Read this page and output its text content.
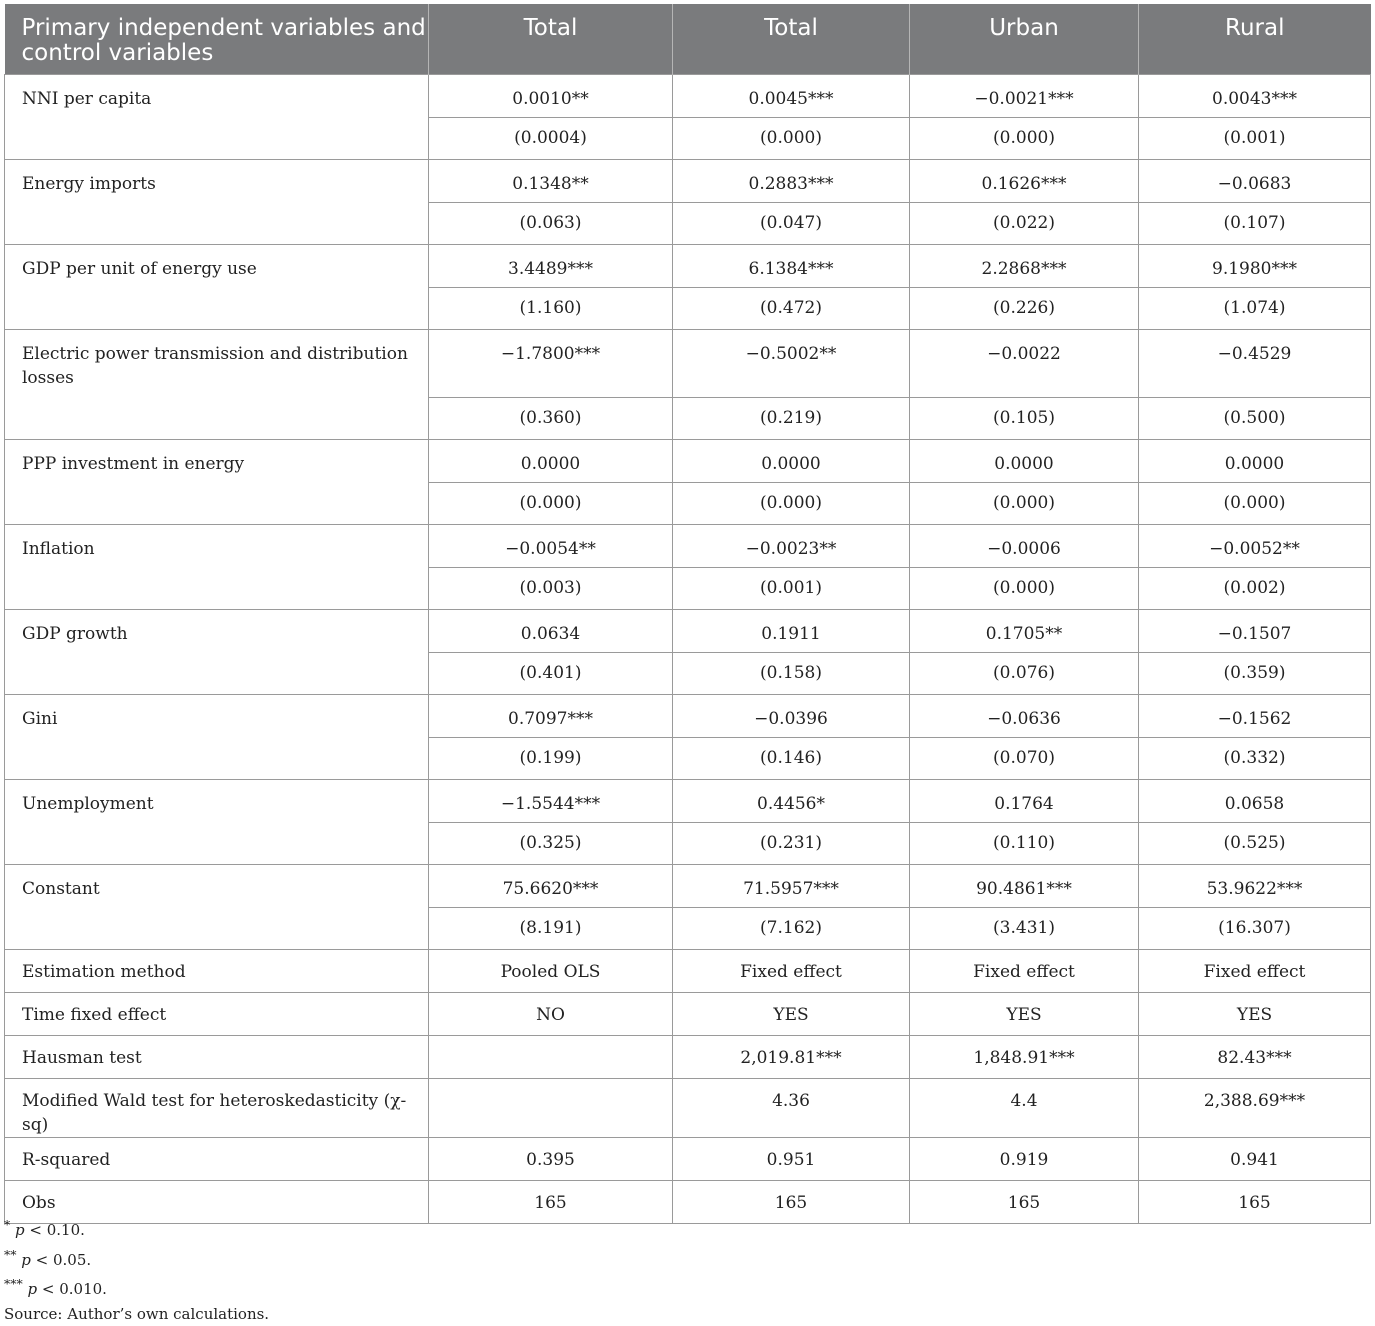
Primary independent variables and control variables	Total	Total	Urban	Rural
NNI per capita	0.0010**	0.0045***	−0.0021***	0.0043***
	(0.0004)	(0.000)	(0.000)	(0.001)
Energy imports	0.1348**	0.2883***	0.1626***	−0.0683
	(0.063)	(0.047)	(0.022)	(0.107)
GDP per unit of energy use	3.4489***	6.1384***	2.2868***	9.1980***
	(1.160)	(0.472)	(0.226)	(1.074)
Electric power transmission and distribution losses	−1.7800***	−0.5002**	−0.0022	−0.4529
	(0.360)	(0.219)	(0.105)	(0.500)
PPP investment in energy	0.0000	0.0000	0.0000	0.0000
	(0.000)	(0.000)	(0.000)	(0.000)
Inflation	−0.0054**	−0.0023**	−0.0006	−0.0052**
	(0.003)	(0.001)	(0.000)	(0.002)
GDP growth	0.0634	0.1911	0.1705**	−0.1507
	(0.401)	(0.158)	(0.076)	(0.359)
Gini	0.7097***	−0.0396	−0.0636	−0.1562
	(0.199)	(0.146)	(0.070)	(0.332)
Unemployment	−1.5544***	0.4456*	0.1764	0.0658
	(0.325)	(0.231)	(0.110)	(0.525)
Constant	75.6620***	71.5957***	90.4861***	53.9622***
	(8.191)	(7.162)	(3.431)	(16.307)
Estimation method	Pooled OLS	Fixed effect	Fixed effect	Fixed effect
Time fixed effect	NO	YES	YES	YES
Hausman test		2,019.81***	1,848.91***	82.43***
Modified Wald test for heteroskedasticity (χ-sq)		4.36	4.4	2,388.69***
R-squared	0.395	0.951	0.919	0.941
Obs	165	165	165	165
* p < 0.10.
** p < 0.05.
*** p < 0.010.
Source: Author’s own calculations.
